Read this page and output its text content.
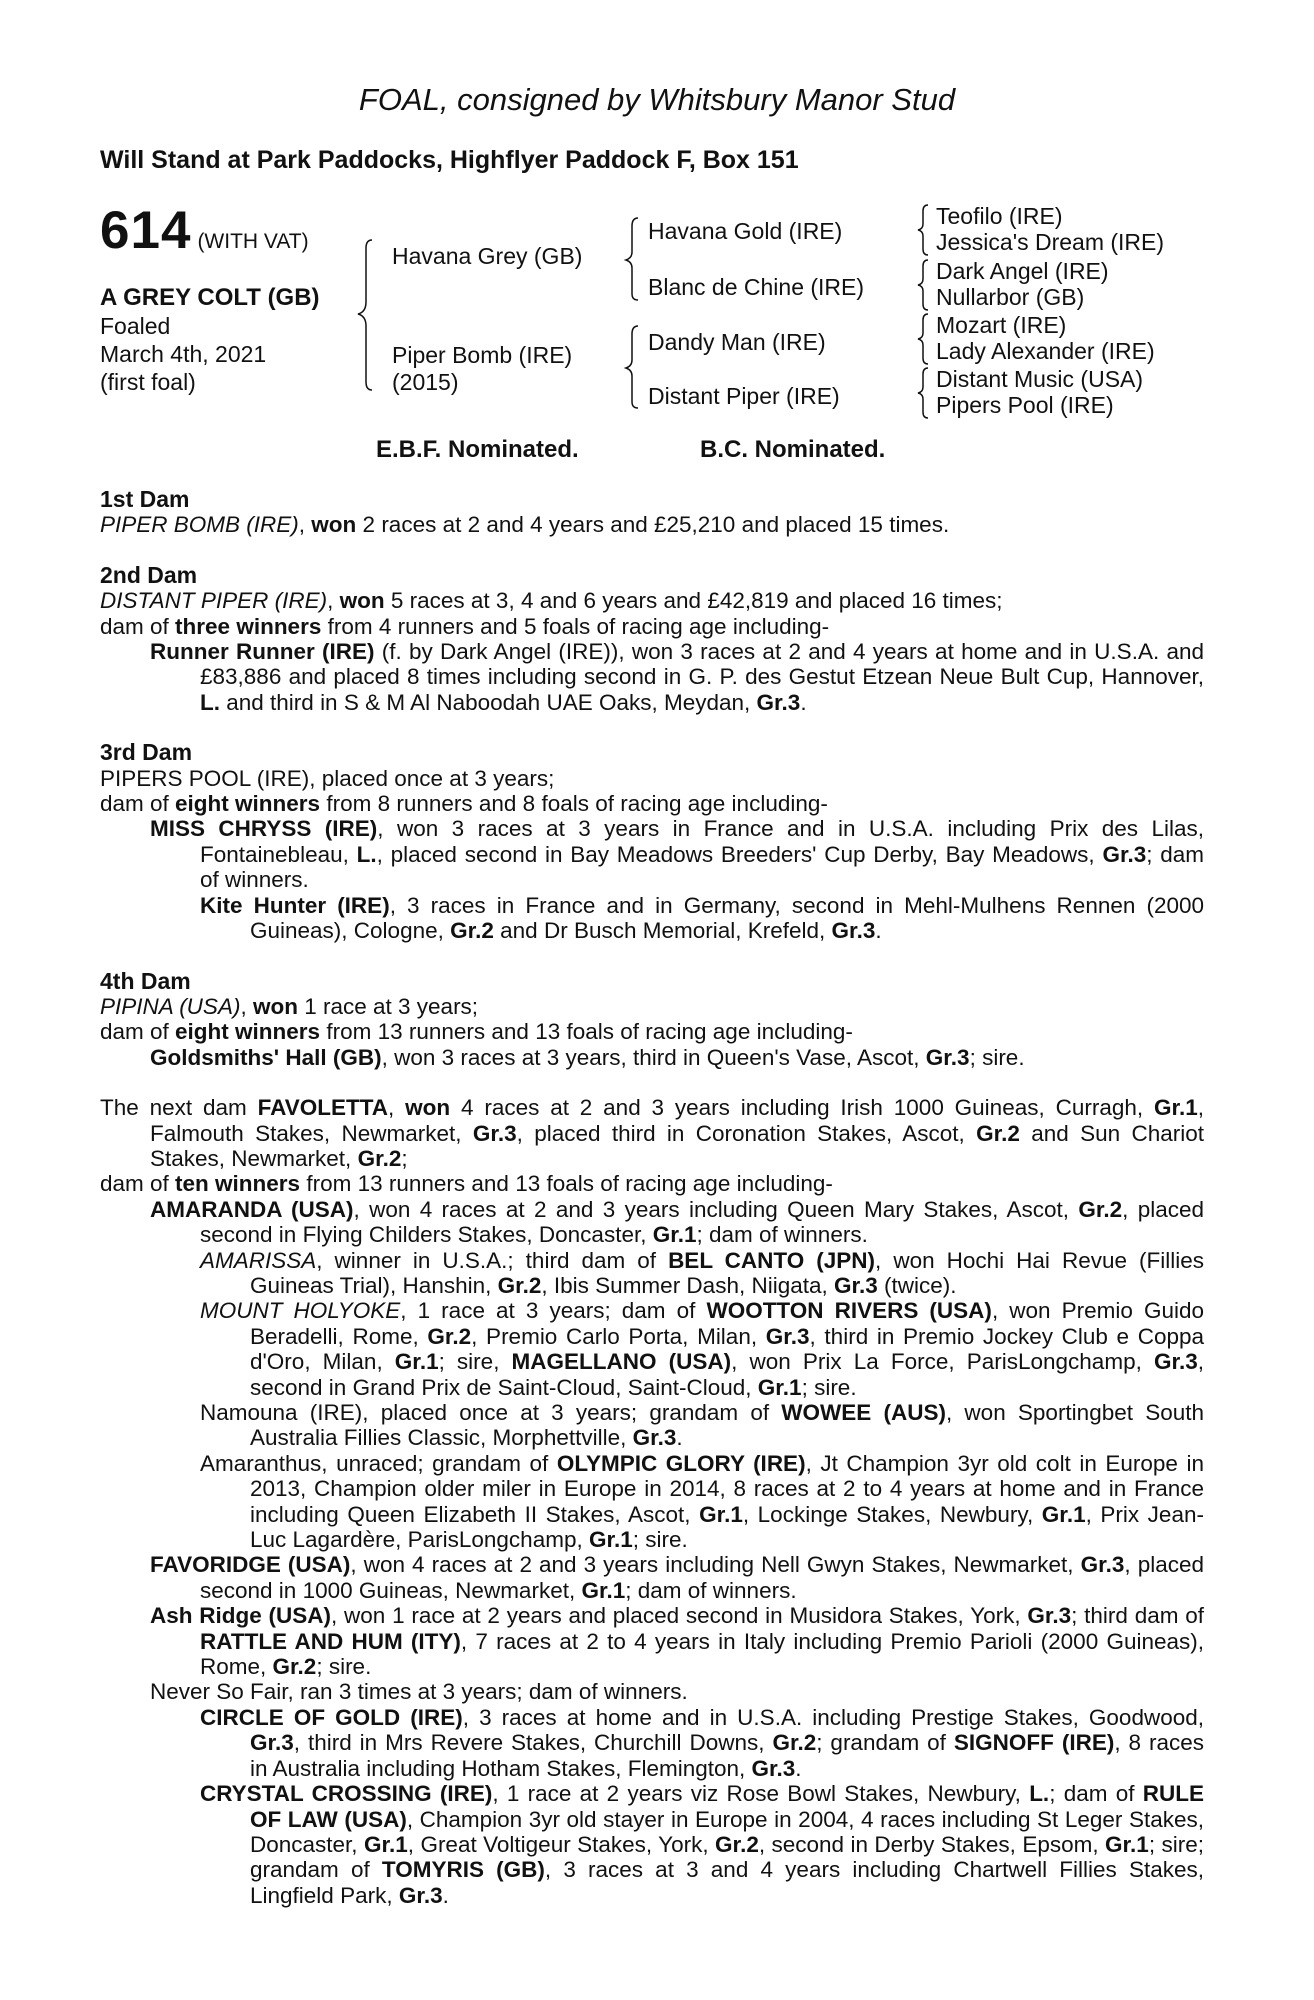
FOAL, consigned by Whitsbury Manor Stud
Will Stand at Park Paddocks, Highflyer Paddock F, Box 151
614 (WITH VAT)
A GREY COLT (GB)
Foaled
March 4th, 2021
(first foal)
Havana Grey (GB)
Piper Bomb (IRE)
(2015)
Havana Gold (IRE)
Blanc de Chine (IRE)
Dandy Man (IRE)
Distant Piper (IRE)
Teofilo (IRE)
Jessica's Dream (IRE)
Dark Angel (IRE)
Nullarbor (GB)
Mozart (IRE)
Lady Alexander (IRE)
Distant Music (USA)
Pipers Pool (IRE)
E.B.F. Nominated.	B.C. Nominated.
1st Dam
PIPER BOMB (IRE), won 2 races at 2 and 4 years and £25,210 and placed 15 times.
2nd Dam
DISTANT PIPER (IRE), won 5 races at 3, 4 and 6 years and £42,819 and placed 16 times;
dam of three winners from 4 runners and 5 foals of racing age including-
Runner Runner (IRE) (f. by Dark Angel (IRE)), won 3 races at 2 and 4 years at home and in U.S.A. and £83,886 and placed 8 times including second in G. P. des Gestut Etzean Neue Bult Cup, Hannover, L. and third in S & M Al Naboodah UAE Oaks, Meydan, Gr.3.
3rd Dam
PIPERS POOL (IRE), placed once at 3 years;
dam of eight winners from 8 runners and 8 foals of racing age including-
MISS CHRYSS (IRE), won 3 races at 3 years in France and in U.S.A. including Prix des Lilas, Fontainebleau, L., placed second in Bay Meadows Breeders' Cup Derby, Bay Meadows, Gr.3; dam of winners.
Kite Hunter (IRE), 3 races in France and in Germany, second in Mehl-Mulhens Rennen (2000 Guineas), Cologne, Gr.2 and Dr Busch Memorial, Krefeld, Gr.3.
4th Dam
PIPINA (USA), won 1 race at 3 years;
dam of eight winners from 13 runners and 13 foals of racing age including-
Goldsmiths' Hall (GB), won 3 races at 3 years, third in Queen's Vase, Ascot, Gr.3; sire.
The next dam FAVOLETTA, won 4 races at 2 and 3 years including Irish 1000 Guineas, Curragh, Gr.1, Falmouth Stakes, Newmarket, Gr.3, placed third in Coronation Stakes, Ascot, Gr.2 and Sun Chariot Stakes, Newmarket, Gr.2;
dam of ten winners from 13 runners and 13 foals of racing age including-
AMARANDA (USA), won 4 races at 2 and 3 years including Queen Mary Stakes, Ascot, Gr.2, placed second in Flying Childers Stakes, Doncaster, Gr.1; dam of winners.
AMARISSA, winner in U.S.A.; third dam of BEL CANTO (JPN), won Hochi Hai Revue (Fillies Guineas Trial), Hanshin, Gr.2, Ibis Summer Dash, Niigata, Gr.3 (twice).
MOUNT HOLYOKE, 1 race at 3 years; dam of WOOTTON RIVERS (USA), won Premio Guido Beradelli, Rome, Gr.2, Premio Carlo Porta, Milan, Gr.3, third in Premio Jockey Club e Coppa d'Oro, Milan, Gr.1; sire, MAGELLANO (USA), won Prix La Force, ParisLongchamp, Gr.3, second in Grand Prix de Saint-Cloud, Saint-Cloud, Gr.1; sire.
Namouna (IRE), placed once at 3 years; grandam of WOWEE (AUS), won Sportingbet South Australia Fillies Classic, Morphettville, Gr.3.
Amaranthus, unraced; grandam of OLYMPIC GLORY (IRE), Jt Champion 3yr old colt in Europe in 2013, Champion older miler in Europe in 2014, 8 races at 2 to 4 years at home and in France including Queen Elizabeth II Stakes, Ascot, Gr.1, Lockinge Stakes, Newbury, Gr.1, Prix Jean-Luc Lagardère, ParisLongchamp, Gr.1; sire.
FAVORIDGE (USA), won 4 races at 2 and 3 years including Nell Gwyn Stakes, Newmarket, Gr.3, placed second in 1000 Guineas, Newmarket, Gr.1; dam of winners.
Ash Ridge (USA), won 1 race at 2 years and placed second in Musidora Stakes, York, Gr.3; third dam of RATTLE AND HUM (ITY), 7 races at 2 to 4 years in Italy including Premio Parioli (2000 Guineas), Rome, Gr.2; sire.
Never So Fair, ran 3 times at 3 years; dam of winners.
CIRCLE OF GOLD (IRE), 3 races at home and in U.S.A. including Prestige Stakes, Goodwood, Gr.3, third in Mrs Revere Stakes, Churchill Downs, Gr.2; grandam of SIGNOFF (IRE), 8 races in Australia including Hotham Stakes, Flemington, Gr.3.
CRYSTAL CROSSING (IRE), 1 race at 2 years viz Rose Bowl Stakes, Newbury, L.; dam of RULE OF LAW (USA), Champion 3yr old stayer in Europe in 2004, 4 races including St Leger Stakes, Doncaster, Gr.1, Great Voltigeur Stakes, York, Gr.2, second in Derby Stakes, Epsom, Gr.1; sire; grandam of TOMYRIS (GB), 3 races at 3 and 4 years including Chartwell Fillies Stakes, Lingfield Park, Gr.3.
